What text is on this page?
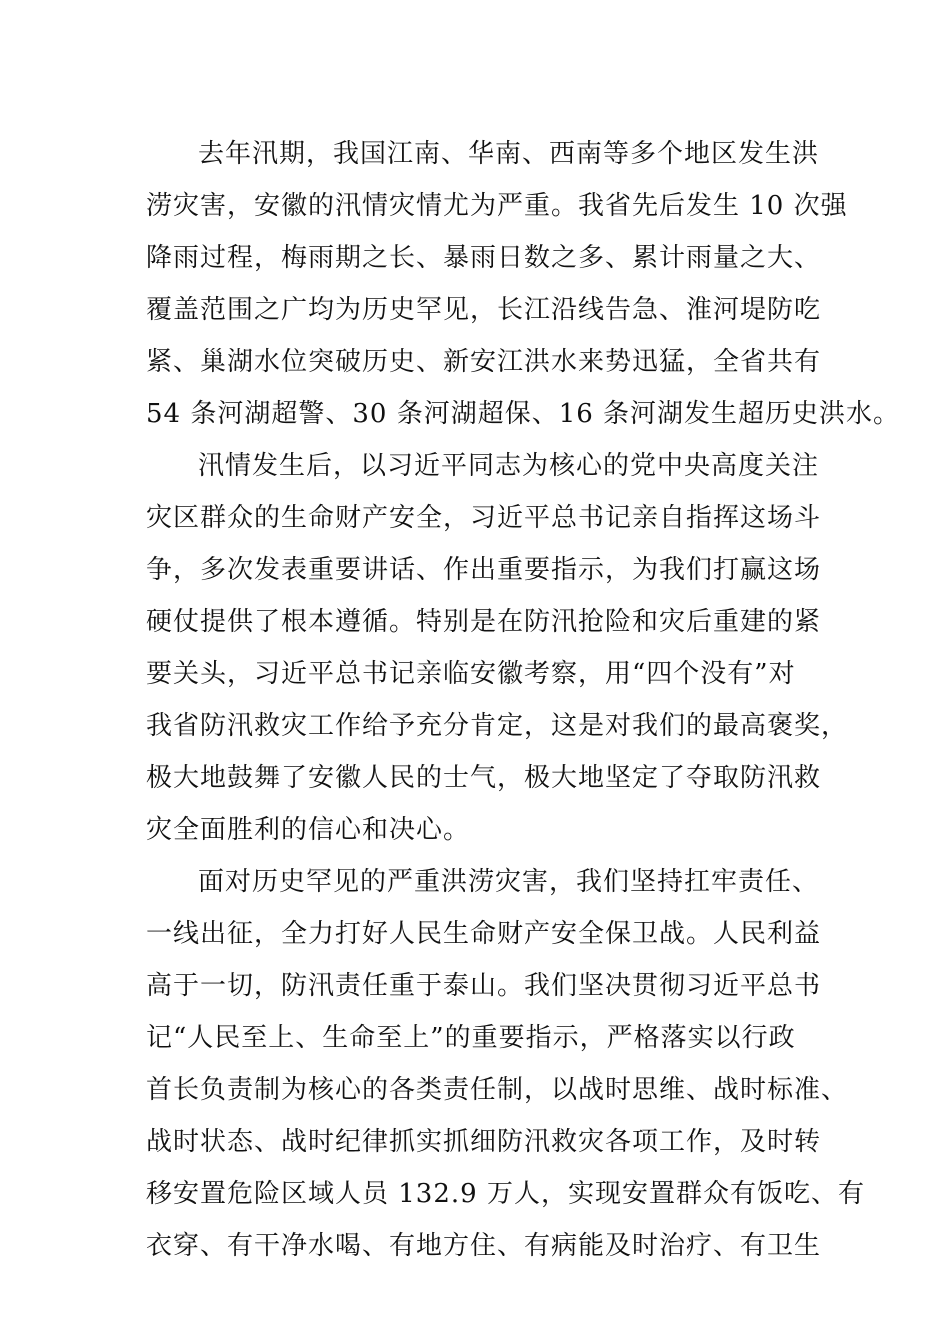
去年汛期，我国江南、华南、西南等多个地区发生洪
涝灾害，安徽的汛情灾情尤为严重。我省先后发生 10 次强
降雨过程，梅雨期之长、暴雨日数之多、累计雨量之大、
覆盖范围之广均为历史罕见，长江沿线告急、淮河堤防吃
紧、巢湖水位突破历史、新安江洪水来势迅猛，全省共有
54 条河湖超警、30 条河湖超保、16 条河湖发生超历史洪水。
汛情发生后，以习近平同志为核心的党中央高度关注
灾区群众的生命财产安全，习近平总书记亲自指挥这场斗
争，多次发表重要讲话、作出重要指示，为我们打赢这场
硬仗提供了根本遵循。特别是在防汛抢险和灾后重建的紧
要关头，习近平总书记亲临安徽考察，用“四个没有”对
我省防汛救灾工作给予充分肯定，这是对我们的最高褒奖，
极大地鼓舞了安徽人民的士气，极大地坚定了夺取防汛救
灾全面胜利的信心和决心。
面对历史罕见的严重洪涝灾害，我们坚持扛牢责任、
一线出征，全力打好人民生命财产安全保卫战。人民利益
高于一切，防汛责任重于泰山。我们坚决贯彻习近平总书
记“人民至上、生命至上”的重要指示，严格落实以行政
首长负责制为核心的各类责任制，以战时思维、战时标准、
战时状态、战时纪律抓实抓细防汛救灾各项工作，及时转
移安置危险区域人员 132.9 万人，实现安置群众有饭吃、有
衣穿、有干净水喝、有地方住、有病能及时治疗、有卫生
